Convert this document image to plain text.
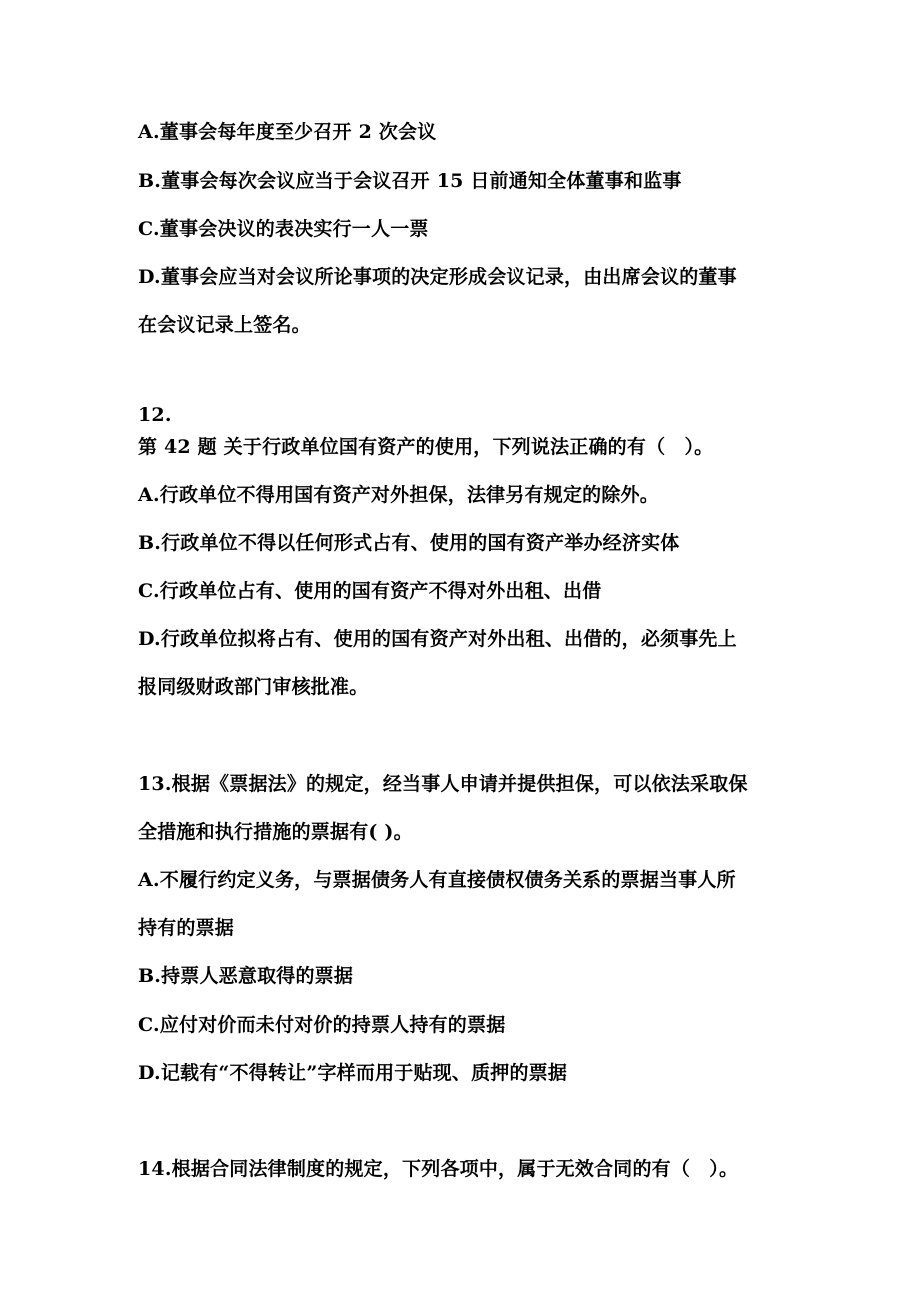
A.董事会每年度至少召开 2 次会议
B.董事会每次会议应当于会议召开 15 日前通知全体董事和监事
C.董事会决议的表决实行一人一票
D.董事会应当对会议所论事项的决定形成会议记录，由出席会议的董事
在会议记录上签名。
12.
第 42 题 关于行政单位国有资产的使用，下列说法正确的有（　）。
A.行政单位不得用国有资产对外担保，法律另有规定的除外。
B.行政单位不得以任何形式占有、使用的国有资产举办经济实体
C.行政单位占有、使用的国有资产不得对外出租、出借
D.行政单位拟将占有、使用的国有资产对外出租、出借的，必须事先上
报同级财政部门审核批准。
13.根据《票据法》的规定，经当事人申请并提供担保，可以依法采取保
全措施和执行措施的票据有( )。
A.不履行约定义务，与票据债务人有直接债权债务关系的票据当事人所
持有的票据
B.持票人恶意取得的票据
C.应付对价而未付对价的持票人持有的票据
D.记载有“不得转让”字样而用于贴现、质押的票据
14.根据合同法律制度的规定，下列各项中，属于无效合同的有（　）。
